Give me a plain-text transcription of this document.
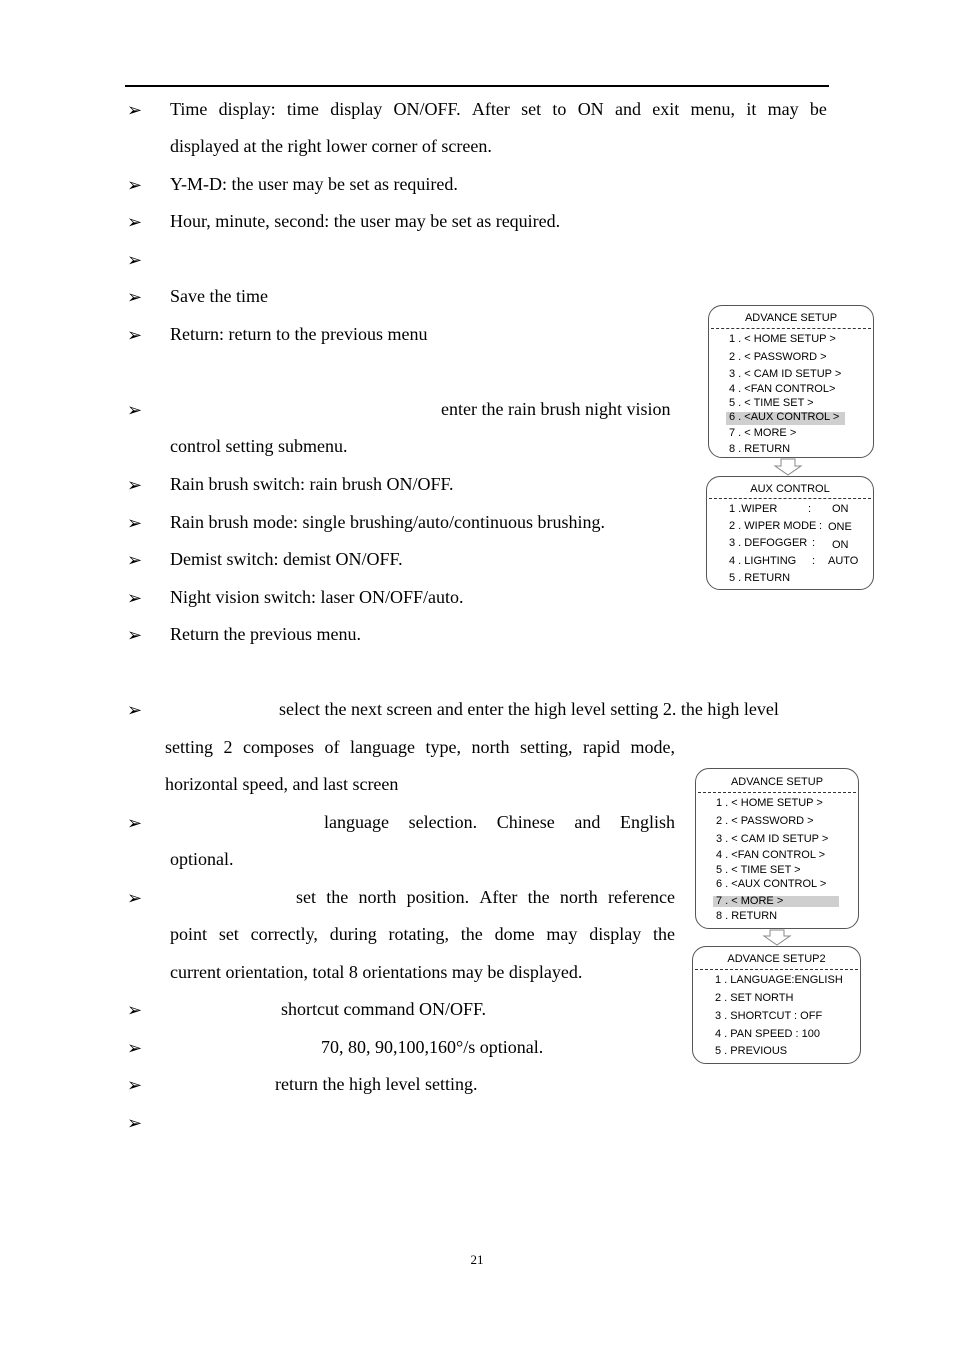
➢ Time display: time display ON/OFF. After set to ON and exit menu, it may be
displayed at the right lower corner of screen.
➢ Y-M-D: the user may be set as required.
➢ Hour, minute, second: the user may be set as required.
➢
➢ Save the time
➢ Return: return to the previous menu
➢	enter the rain brush night vision
control setting submenu.
➢ Rain brush switch: rain brush ON/OFF.
➢ Rain brush mode: single brushing/auto/continuous brushing.
➢ Demist switch: demist ON/OFF.
➢ Night vision switch: laser ON/OFF/auto.
➢ Return the previous menu.
➢	select the next screen and enter the high level setting 2. the high level
setting 2 composes of language type, north setting, rapid mode,
horizontal speed, and last screen
➢	language selection. Chinese and English
optional.
➢	set the north position. After the north reference
point set correctly, during rotating, the dome may display the
current orientation, total 8 orientations may be displayed.
➢	shortcut command ON/OFF.
➢	70, 80, 90,100,160°/s optional.
➢	return the high level setting.
➢
ADVANCE SETUP
1 . < HOME SETUP >
2 . < PASSWORD >
3 . < CAM ID SETUP >
4 . <FAN CONTROL>
5 . < TIME SET >
6 . <AUX CONTROL >
7 . < MORE >
8 . RETURN
AUX CONTROL
1 .WIPER	: ON
2 . WIPER MODE : ONE
3 . DEFOGGER : ON
4 . LIGHTING : AUTO
5 . RETURN
ADVANCE SETUP
1 . < HOME SETUP >
2 . < PASSWORD >
3 . < CAM ID SETUP >
4 . <FAN CONTROL >
5 . < TIME SET >
6 . <AUX CONTROL >
7 . < MORE >
8 . RETURN
ADVANCE SETUP2
1 . LANGUAGE:ENGLISH
2 . SET NORTH
3 . SHORTCUT : OFF
4 . PAN SPEED : 100
5 . PREVIOUS
21
